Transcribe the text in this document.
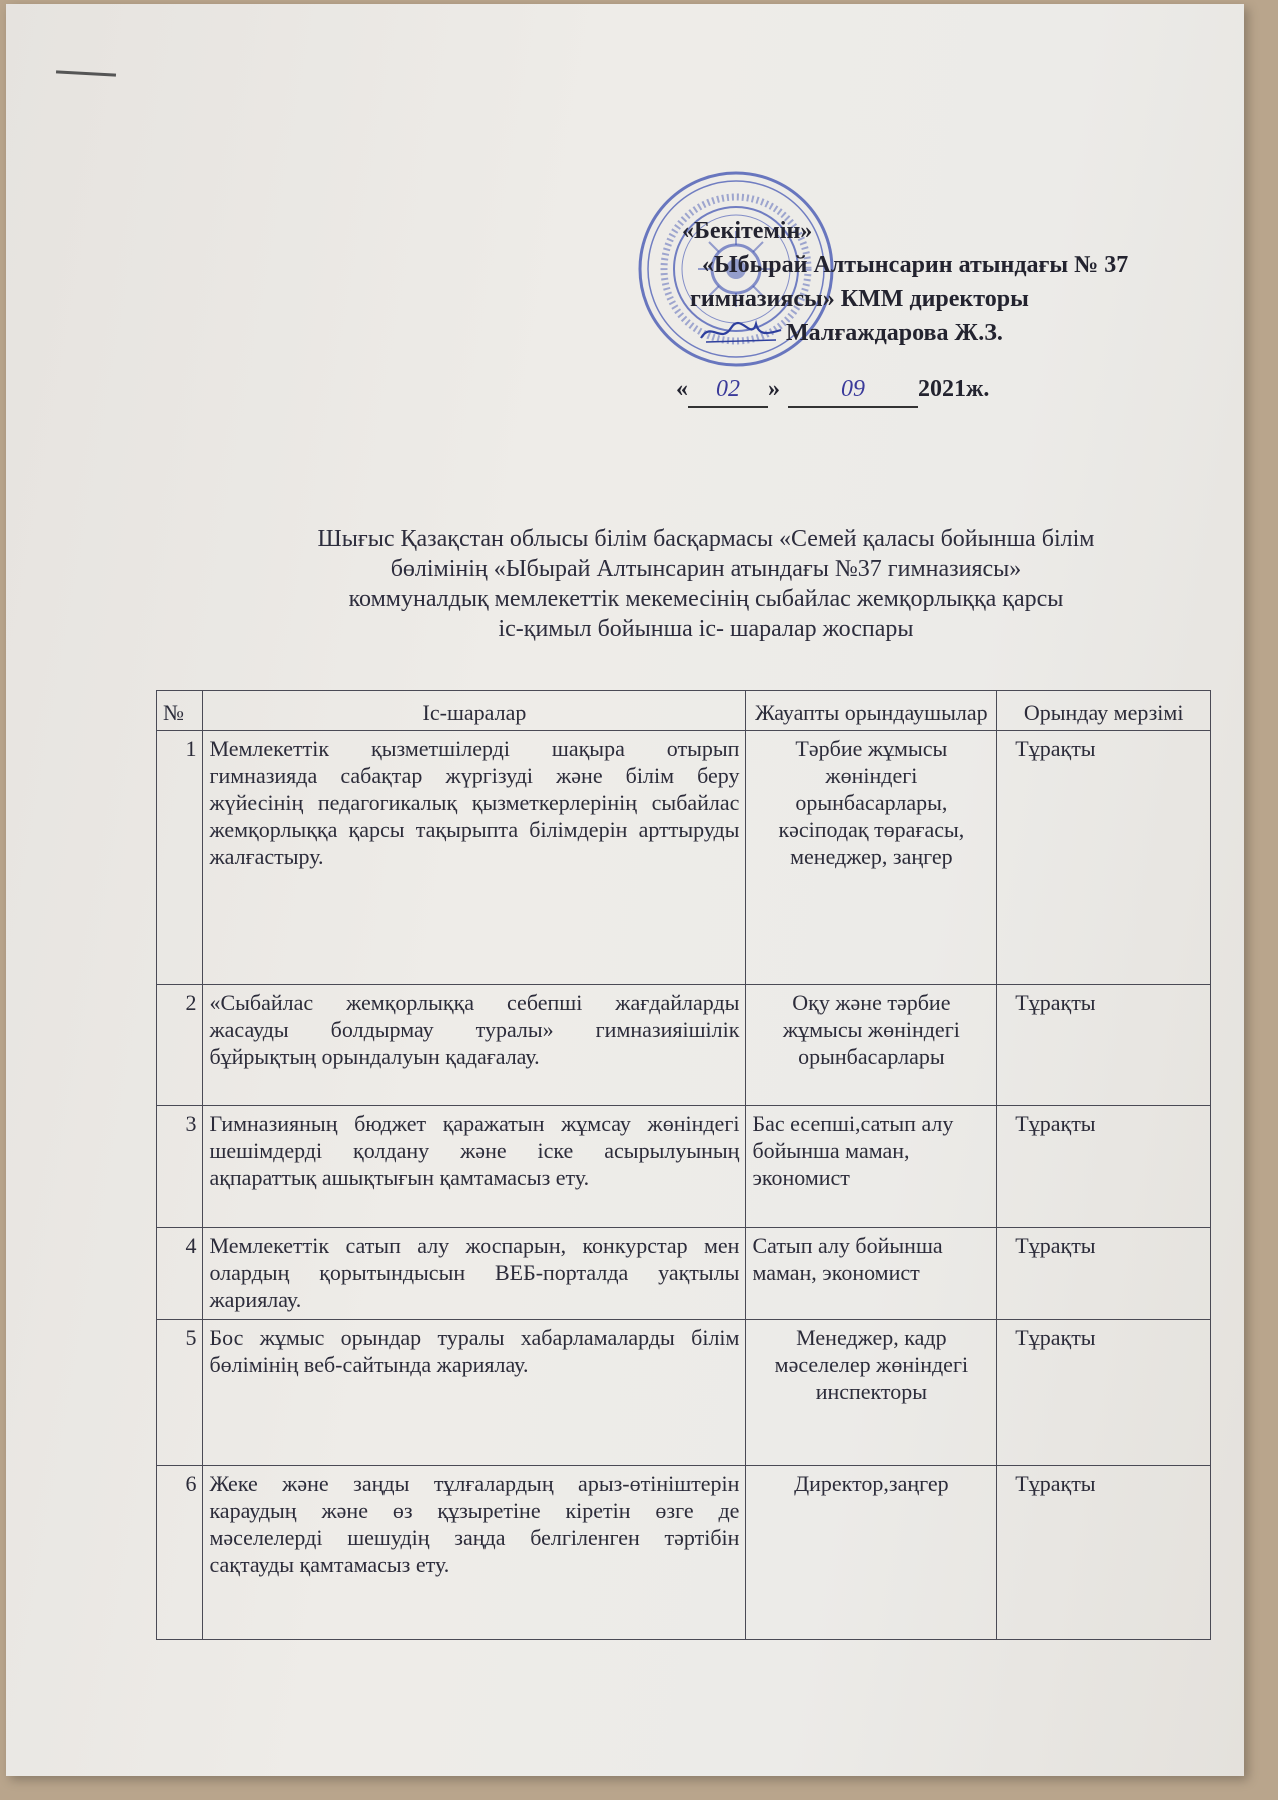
«Бекітемін»
«Ыбырай Алтынсарин атындағы № 37
гимназиясы» КММ директоры
Малғаждарова Ж.З.
« 02 »	09 2021ж.
Шығыс Қазақстан облысы білім басқармасы «Семей қаласы бойынша білім
бөлімінің «Ыбырай Алтынсарин атындағы №37 гимназиясы»
коммуналдық мемлекеттік мекемесінің сыбайлас жемқорлыққа қарсы
іс-қимыл бойынша іс- шаралар жоспары
№	Іс-шаралар	Жауапты орындаушылар	Орындау мерзімі
1	Мемлекеттік қызметшілерді шақыра отырып гимназияда сабақтар жүргізуді және білім беру жүйесінің педагогикалық қызметкерлерінің сыбайлас жемқорлыққа қарсы тақырыпта білімдерін арттыруды жалғастыру.	Тәрбие жұмысы жөніндегі орынбасарлары, кәсіподақ төрағасы, менеджер, заңгер	Тұрақты
2	«Сыбайлас жемқорлыққа себепші жағдайларды жасауды болдырмау туралы» гимназияішілік бұйрықтың орындалуын қадағалау.	Оқу және тәрбие жұмысы жөніндегі орынбасарлары	Тұрақты
3	Гимназияның бюджет қаражатын жұмсау жөніндегі шешімдерді қолдану және іске асырылуының ақпараттық ашықтығын қамтамасыз ету.	Бас есепші,сатып алу бойынша маман, экономист	Тұрақты
4	Мемлекеттік сатып алу жоспарын, конкурстар мен олардың қорытындысын ВЕБ-порталда уақтылы жариялау.	Сатып алу бойынша маман, экономист	Тұрақты
5	Бос жұмыс орындар туралы хабарламаларды білім бөлімінің веб-сайтында жариялау.	Менеджер, кадр мәселелер жөніндегі инспекторы	Тұрақты
6	Жеке және заңды тұлғалардың арыз-өтініштерін караудың және өз құзыретіне кіретін өзге де мәселелерді шешудің заңда белгіленген тәртібін сақтауды қамтамасыз ету.	Директор,заңгер	Тұрақты
